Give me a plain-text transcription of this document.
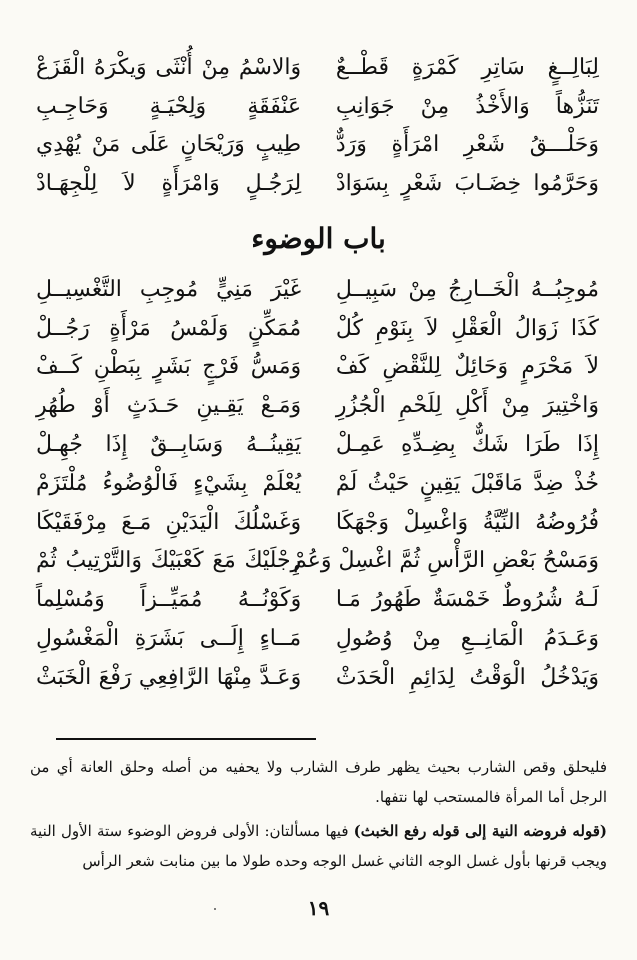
لِبَالِــغٍ سَاتِرِ كَمْرَةٍ قَطْــعٌ
وَالاسْمُ مِنْ أُنْثَى وَيكْرَهُ الْقَزَعْ
تَنَزُّهاً وَالأَخْذُ مِنْ جَوَانِبِ
عَنْفَقَةٍ وَلِحْيَـةٍ وَحَاجِـبِ
وَحَلْـــقُ شَعْرِ امْرَأَةٍ وَرَدٌّ
طِيبٍ وَرَيْحَانٍ عَلَى مَنْ يُهْدِي
وَحَرَّمُوا خِضَـابَ شَعْرٍ بِسَوَادْ
لِرَجُـلٍ وَامْرَأَةٍ لاَ لِلْجِهَـادْ
باب الوضوء
مُوجِبُــهُ الْخَــارِجُ مِنْ سَبِيــلِ
غَيْرَ مَنِيٍّ مُوجِبِ التَّغْسِيــلِ
كَذَا زَوَالُ الْعَقْلِ لاَ بِنَوْمِ كُلْ
مُمَكِّنٍ وَلَمْسُ مَرْأَةٍ رَجُــلْ
لاَ مَحْرَمٍ وَحَائِلٌ لِلنَّقْضِ كَفْ
وَمَسُّ فَرْجٍ بَشَرٍ بِبَطْنِ كَــفْ
وَاخْتِيرَ مِنْ أَكْلِ لِلَحْمِ الْجُزُرِ
وَمَـعْ يَقِـينِ حَـدَثٍ أَوْ طُهُرِ
إِذَا طَرَا شَكٌّ بِضِـدِّهِ عَمِـلْ
يَقِينُــهُ وَسَابِــقٌ إِذَا جُهِـلْ
خُذْ ضِدَّ مَاقَبْلَ يَقِينٍ حَيْثُ لَمْ
يُعْلَمْ بِشَيْءٍ فَالْوُضُوءُ مُلْتَزَمْ
فُرُوضُهُ النِّيَّةُ وَاغْسِلْ وَجْهَكَا
وَغَسْلُكَ الْيَدَيْنِ مَـعَ مِرْفَقَيْكَا
وَمَسْحُ بَعْضِ الرَّأْسِ ثُمَّ اغْسِلْ وَعُمْ
رِجْلَيْكَ مَعَ كَعْبَيْكَ وَالتَّرْتِيبُ ثُمْ
لَـهُ شُرُوطٌ خَمْسَةٌ طَهُورُ مَـا
وَكَوْنُــهُ مُمَيِّــزاً وَمُسْلِماً
وَعَـدَمُ الْمَانِــعِ مِنْ وُصُولِ
مَــاءٍ إِلَــى بَشَرَةِ الْمَغْسُولِ
وَيَدْخُلُ الْوَقْتُ لِدَائِمِ الْحَدَثْ
وَعَـدَّ مِنْهَا الرَّافِعِي رَفْعَ الْخَبَثْ

فليحلق وقص الشارب بحيث يظهر طرف الشارب ولا يحفيه من أصله وحلق العانة أي من الرجل أما المرأة فالمستحب لها نتفها.

(قوله فروضه النية إلى قوله رفع الخبث) فيها مسألتان: الأولى فروض الوضوء ستة الأول النية ويجب قرنها بأول غسل الوجه الثاني غسل الوجه وحده طولا ما بين منابت شعر الرأس

١٩
